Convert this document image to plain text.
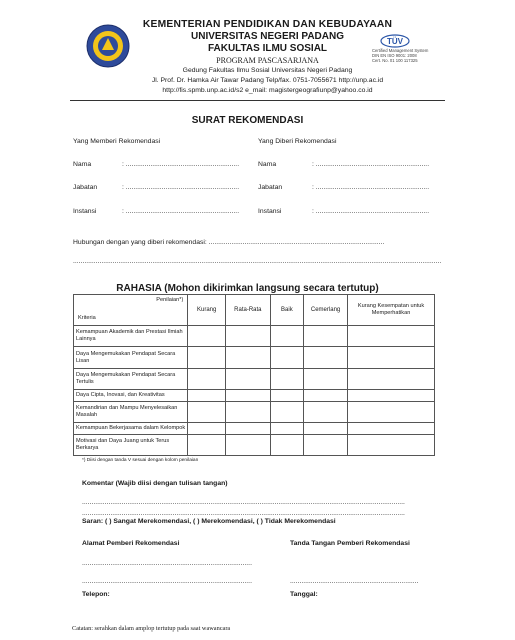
KEMENTERIAN PENDIDIKAN DAN KEBUDAYAAN
UNIVERSITAS NEGERI PADANG
FAKULTAS ILMU SOSIAL
PROGRAM PASCASARJANA
Gedung Fakultas Ilmu Sosial Universitas Negeri Padang
Jl. Prof. Dr. Hamka Air Tawar Padang Telp/fax. 0751-7055671 http://unp.ac.id
http://fis.spmb.unp.ac.id/s2 e_mail: magistergeografiunp@yahoo.co.id
TÜV
Certified Management System
DIN EN ISO 9001: 2008
Cert. No. 01 100 117325
SURAT REKOMENDASI
Yang Memberi Rekomendasi	Yang Diberi Rekomendasi
Nama	: ............................................................	Nama	: ............................................................
Jabatan	: ............................................................	Jabatan	: ............................................................
Instansi	: ............................................................	Instansi	: ............................................................
Hubungan dengan yang diberi rekomendasi: .............................................................................................
...................................................................................................................................................................................................
RAHASIA (Mohon dikirimkan langsung secara tertutup)
Penilaian*)
Kriteria	Kurang	Rata-Rata	Baik	Cemerlang	Kurang Kesempatan untuk Memperhatikan
Kemampuan Akademik dan Prestasi Ilmiah Lainnya					
Daya Mengemukakan Pendapat Secara Lisan					
Daya Mengemukakan Pendapat Secara Tertulis					
Daya Cipta, Inovasi, dan Kreativitas					
Kemandirian dan Mampu Menyelesaikan Masalah					
Kemampuan Bekerjasama dalam Kelompok					
Motivasi dan Daya Juang untuk Terus Berkarya					
*) Diisi dengan tanda V sesuai dengan kolom penilaian
Komentar (Wajib diisi dengan tulisan tangan)
...........................................................................................................................................................................
...........................................................................................................................................................................
Saran: ( ) Sangat Merekomendasi, ( ) Merekomendasi, ( ) Tidak Merekomendasi
Alamat Pemberi Rekomendasi	Tanda Tangan Pemberi Rekomendasi
..........................................................................................
..........................................................................................	....................................................................
Telepon:	Tanggal:
Catatan: serahkan dalam amplop tertutup pada saat wawancara
